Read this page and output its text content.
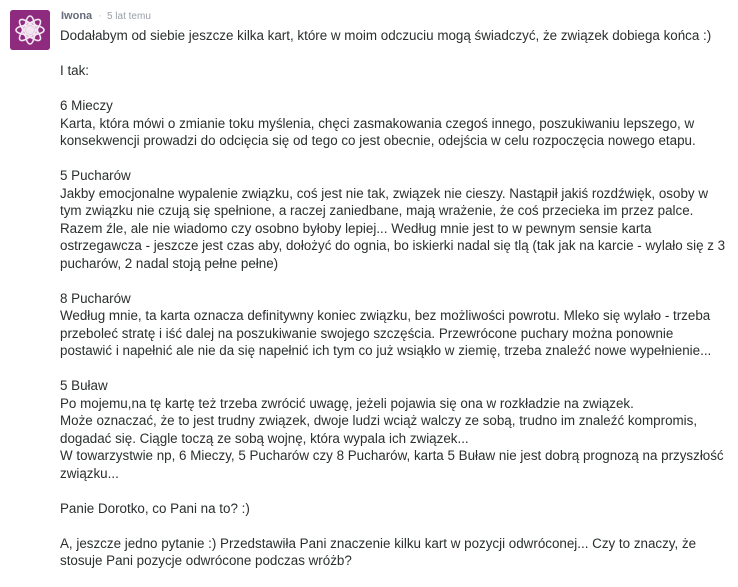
Iwona · 5 lat temu

Dodałabym od siebie jeszcze kilka kart, które w moim odczuciu mogą świadczyć, że związek dobiega końca :)

I tak:

6 Mieczy
Karta, która mówi o zmianie toku myślenia, chęci zasmakowania czegoś innego, poszukiwaniu lepszego, w
konsekwencji prowadzi do odcięcia się od tego co jest obecnie, odejścia w celu rozpoczęcia nowego etapu.

5 Pucharów
Jakby emocjonalne wypalenie związku, coś jest nie tak, związek nie cieszy. Nastąpił jakiś rozdźwięk, osoby w
tym związku nie czują się spełnione, a raczej zaniedbane, mają wrażenie, że coś przecieka im przez palce.
Razem źle, ale nie wiadomo czy osobno byłoby lepiej... Według mnie jest to w pewnym sensie karta
ostrzegawcza - jeszcze jest czas aby, dołożyć do ognia, bo iskierki nadal się tlą (tak jak na karcie - wylało się z 3
pucharów, 2 nadal stoją pełne pełne)

8 Pucharów
Według mnie, ta karta oznacza definitywny koniec związku, bez możliwości powrotu. Mleko się wylało - trzeba
przeboleć stratę i iść dalej na poszukiwanie swojego szczęścia. Przewrócone puchary można ponownie
postawić i napełnić ale nie da się napełnić ich tym co już wsiąkło w ziemię, trzeba znaleźć nowe wypełnienie...

5 Buław
Po mojemu,na tę kartę też trzeba zwrócić uwagę, jeżeli pojawia się ona w rozkładzie na związek.
Może oznaczać, że to jest trudny związek, dwoje ludzi wciąż walczy ze sobą, trudno im znaleźć kompromis,
dogadać się. Ciągle toczą ze sobą wojnę, która wypala ich związek...
W towarzystwie np, 6 Mieczy, 5 Pucharów czy 8 Pucharów, karta 5 Buław nie jest dobrą prognozą na przyszłość
związku...

Panie Dorotko, co Pani na to? :)

A, jeszcze jedno pytanie :) Przedstawiła Pani znaczenie kilku kart w pozycji odwróconej... Czy to znaczy, że
stosuje Pani pozycje odwrócone podczas wróżb?
